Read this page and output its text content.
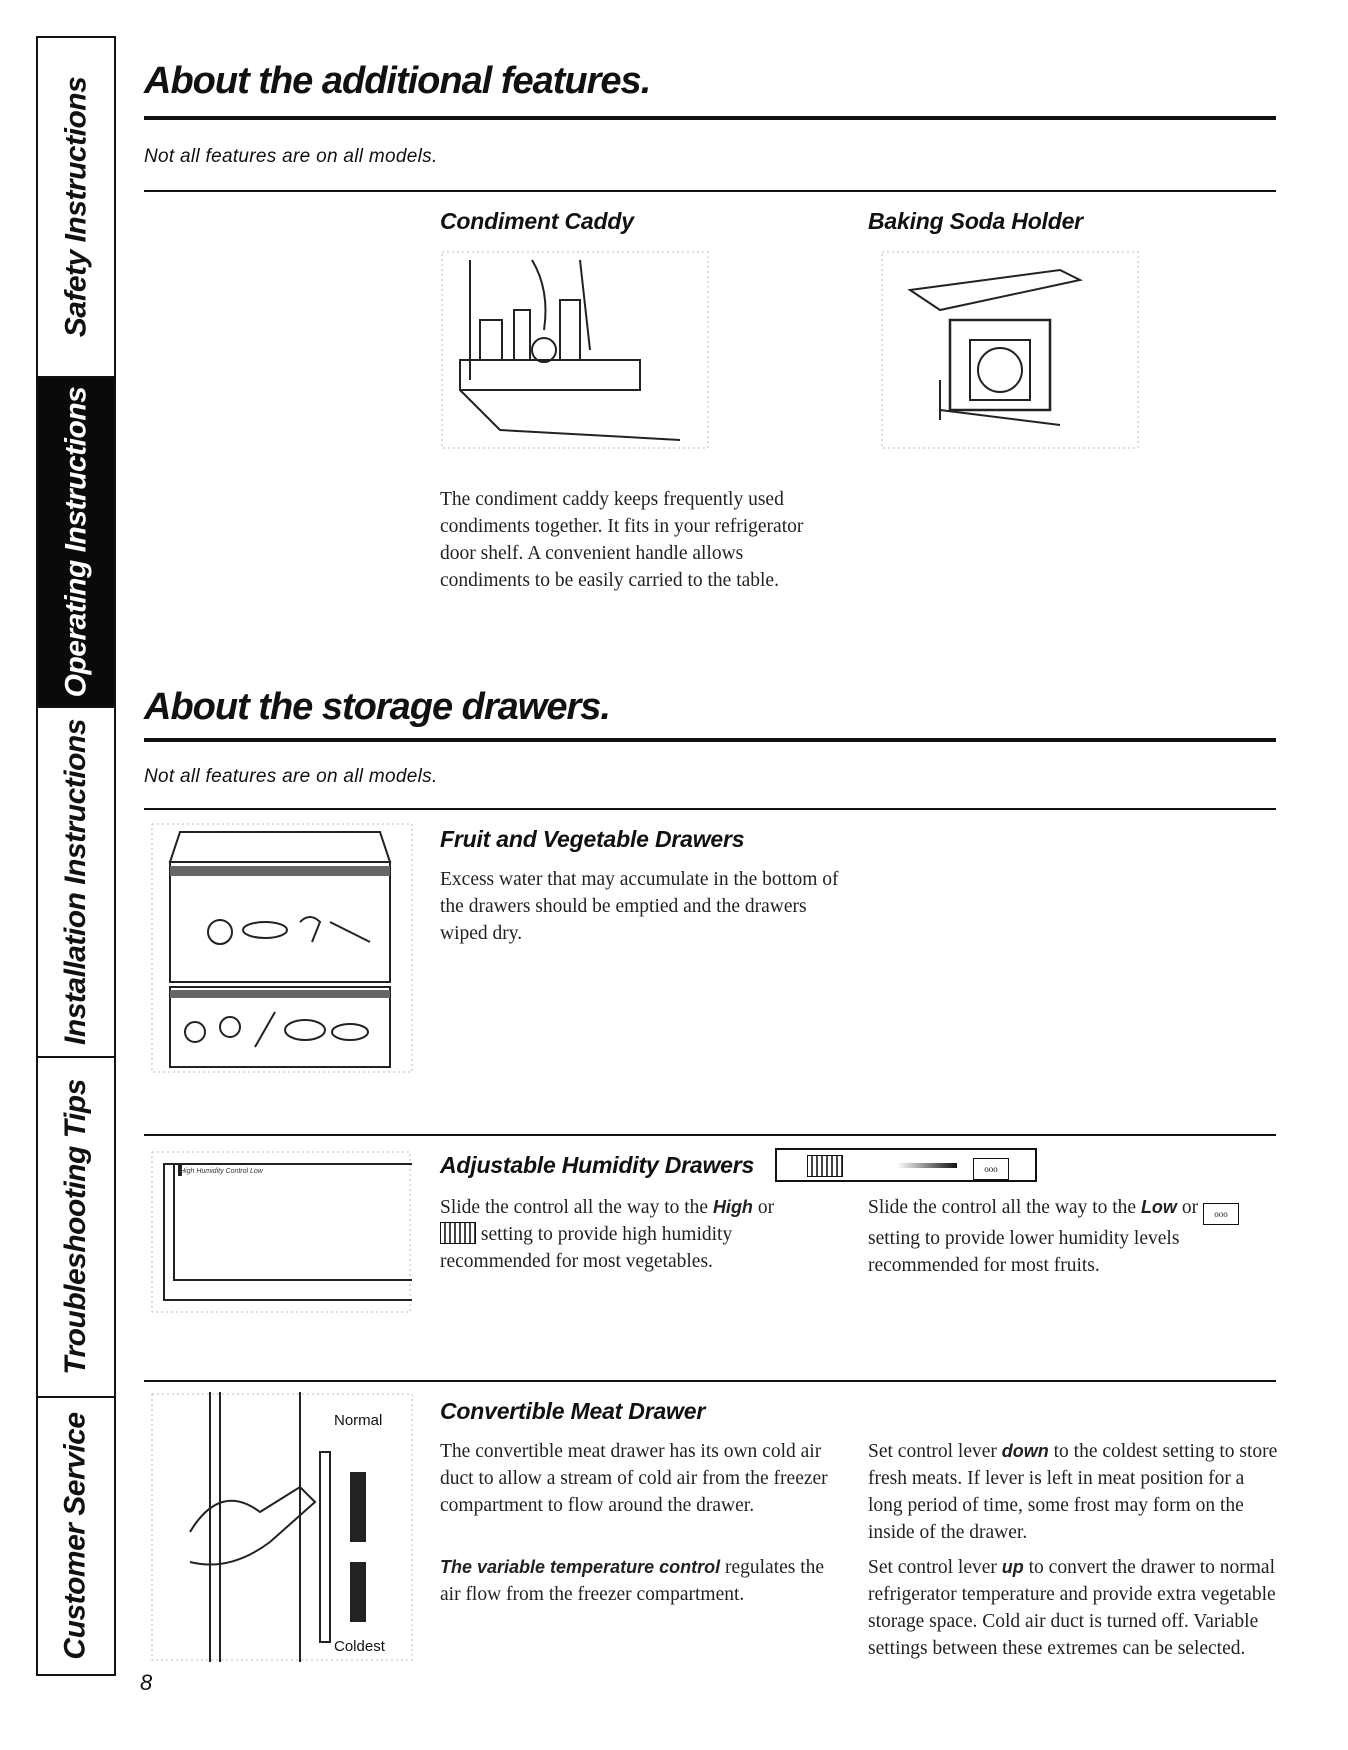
Safety Instructions
Operating Instructions
Installation Instructions
Troubleshooting Tips
Customer Service
About the additional features.
Not all features are on all models.
Condiment Caddy	Baking Soda Holder
The condiment caddy keeps frequently used condiments together. It fits in your refrigerator door shelf. A convenient handle allows condiments to be easily carried to the table.
About the storage drawers.
Not all features are on all models.
Fruit and Vegetable Drawers
Excess water that may accumulate in the bottom of the drawers should be emptied and the drawers wiped dry.
High Humidity Control Low	Adjustable Humidity Drawers	ooo
Slide the control all the way to the High or  setting to provide high humidity recommended for most vegetables.
Slide the control all the way to the Low or ooo setting to provide lower humidity levels recommended for most fruits.
Normal
Coldest
Convertible Meat Drawer
The convertible meat drawer has its own cold air duct to allow a stream of cold air from the freezer compartment to flow around the drawer.
The variable temperature control regulates the air flow from the freezer compartment.
Set control lever down to the coldest setting to store fresh meats. If lever is left in meat position for a long period of time, some frost may form on the inside of the drawer.
Set control lever up to convert the drawer to normal refrigerator temperature and provide extra vegetable storage space. Cold air duct is turned off. Variable settings between these extremes can be selected.
8
